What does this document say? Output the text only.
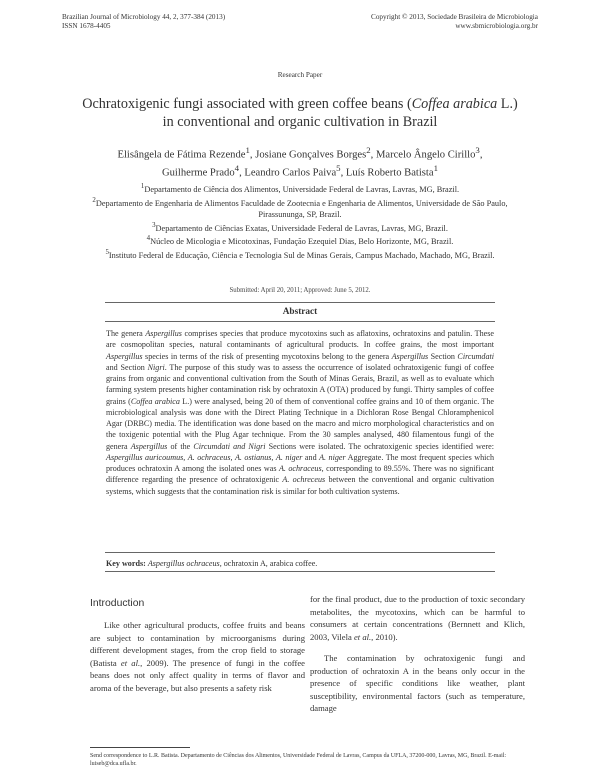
Brazilian Journal of Microbiology 44, 2, 377-384 (2013)
ISSN 1678-4405
Copyright © 2013, Sociedade Brasileira de Microbiologia
www.sbmicrobiologia.org.br
Research Paper
Ochratoxigenic fungi associated with green coffee beans (Coffea arabica L.)
in conventional and organic cultivation in Brazil
Elisângela de Fátima Rezende$^1$, Josiane Gonçalves Borges$^2$, Marcelo Ângelo Cirillo$^3$,
Guilherme Prado$^4$, Leandro Carlos Paiva$^5$, Luís Roberto Batista$^1$
$^1$Departamento de Ciência dos Alimentos, Universidade Federal de Lavras, Lavras, MG, Brazil.
$^2$Departamento de Engenharia de Alimentos Faculdade de Zootecnia e Engenharia de Alimentos, Universidade de São Paulo, Pirassununga, SP, Brazil.
$^3$Departamento de Ciências Exatas, Universidade Federal de Lavras, Lavras, MG, Brazil.
$^4$Núcleo de Micologia e Micotoxinas, Fundação Ezequiel Dias, Belo Horizonte, MG, Brazil.
$^5$Instituto Federal de Educação, Ciência e Tecnologia Sul de Minas Gerais, Campus Machado, Machado, MG, Brazil.
Submitted: April 20, 2011; Approved: June 5, 2012.
Abstract
The genera Aspergillus comprises species that produce mycotoxins such as aflatoxins, ochratoxins and patulin. These are cosmopolitan species, natural contaminants of agricultural products. In coffee grains, the most important Aspergillus species in terms of the risk of presenting mycotoxins belong to the genera Aspergillus Section Circumdati and Section Nigri. The purpose of this study was to assess the occurrence of isolated ochratoxigenic fungi of coffee grains from organic and conventional cultivation from the South of Minas Gerais, Brazil, as well as to evaluate which farming system presents higher contamination risk by ochratoxin A (OTA) produced by fungi. Thirty samples of coffee grains (Coffea arabica L.) were analysed, being 20 of them of conventional coffee grains and 10 of them organic. The microbiological analysis was done with the Direct Plating Technique in a Dichloran Rose Bengal Chloramphenicol Agar (DRBC) media. The identification was done based on the macro and micro morphological characteristics and on the toxigenic potential with the Plug Agar technique. From the 30 samples analysed, 480 filamentous fungi of the genera Aspergillus of the Circumdati and Nigri Sections were isolated. The ochratoxigenic species identified were: Aspergillus auricoumus, A. ochraceus, A. ostianus, A. niger and A. niger Aggregate. The most frequent species which produces ochratoxin A among the isolated ones was A. ochraceus, corresponding to 89.55%. There was no significant difference regarding the presence of ochratoxigenic A. ochreceus between the conventional and organic cultivation systems, which suggests that the contamination risk is similar for both cultivation systems.
Key words: Aspergillus ochraceus, ochratoxin A, arabica coffee.
Introduction

Like other agricultural products, coffee fruits and beans are subject to contamination by microorganisms during different development stages, from the crop field to storage (Batista et al., 2009). The presence of fungi in the coffee beans does not only affect quality in terms of flavor and aroma of the beverage, but also presents a safety risk

for the final product, due to the production of toxic secondary metabolites, the mycotoxins, which can be harmful to consumers at certain concentrations (Bernnett and Klich, 2003, Vilela et al., 2010).

The contamination by ochratoxigenic fungi and production of ochratoxin A in the beans only occur in the presence of specific conditions like weather, plant susceptibility, environmental factors (such as temperature, damage

Send correspondence to L.R. Batista. Departamento de Ciências dos Alimentos, Universidade Federal de Lavras, Campus da UFLA, 37200-000, Lavras, MG, Brazil. E-mail: luiseb@dca.ufla.br.
